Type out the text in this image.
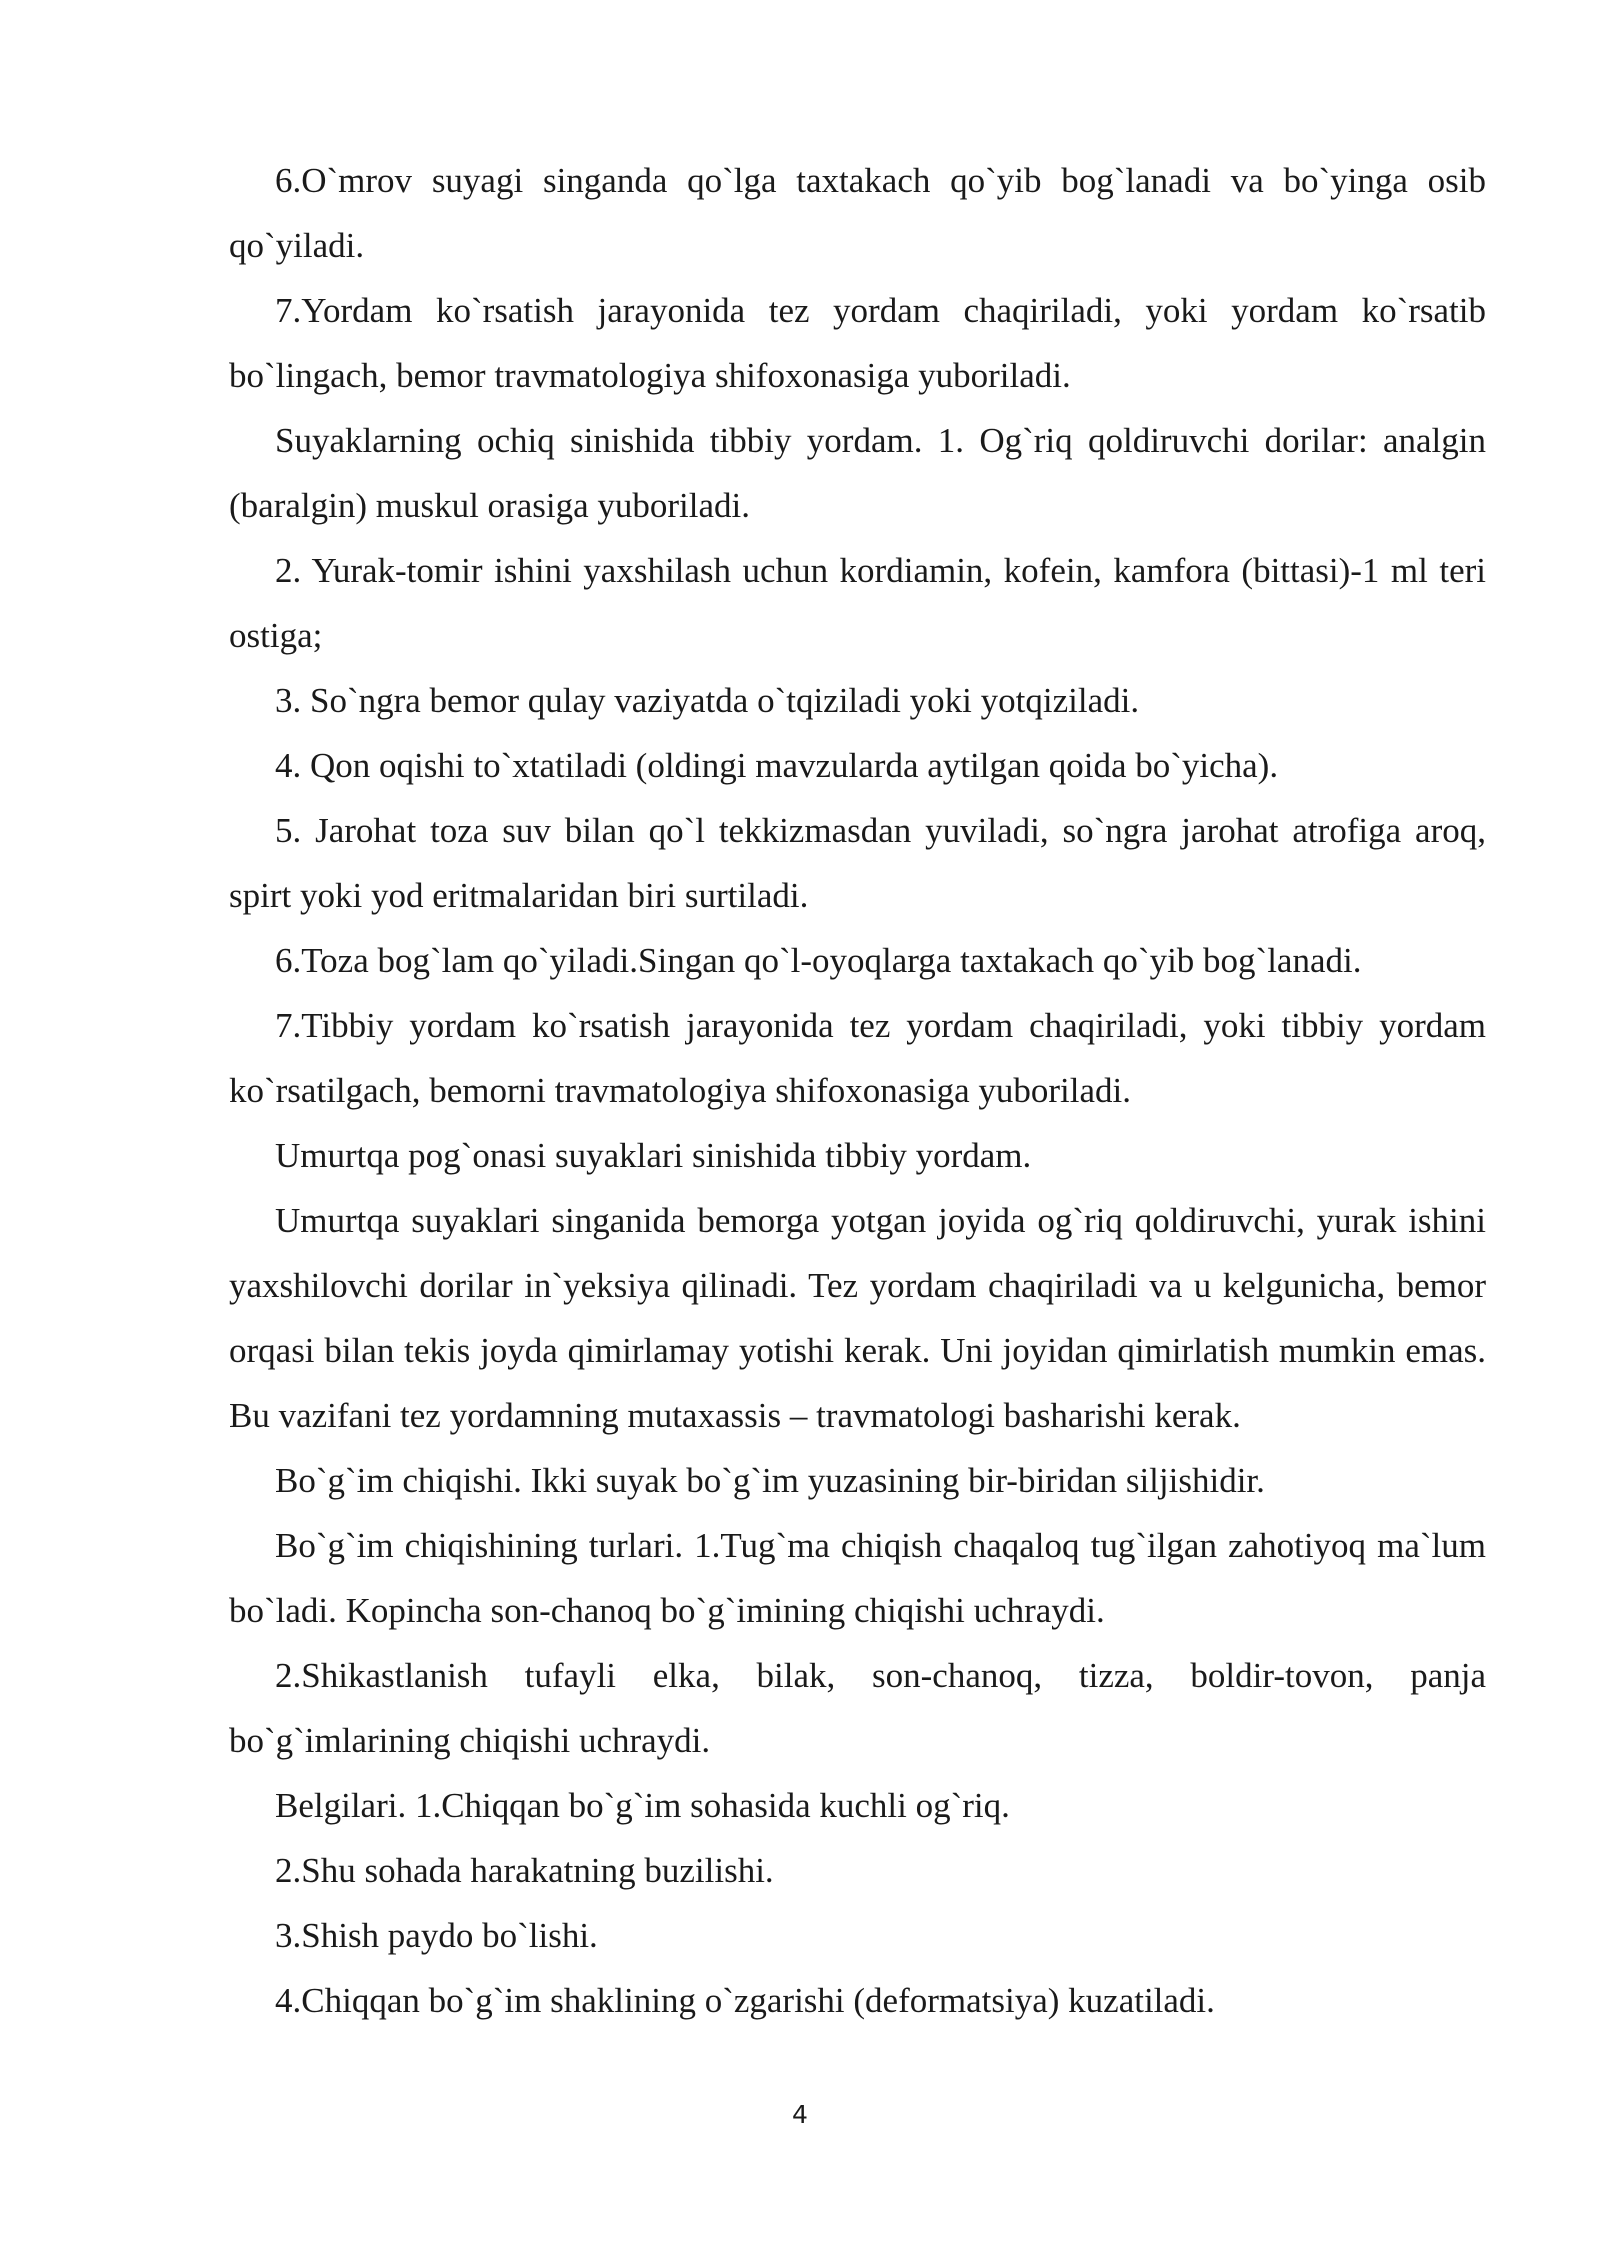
6.O`mrov suyagi singanda qo`lga taxtakach qo`yib bog`lanadi va bo`yinga osib qo`yiladi.

7.Yordam ko`rsatish jarayonida tez yordam chaqiriladi, yoki yordam ko`rsatib bo`lingach, bemor travmatologiya shifoxonasiga yuboriladi.

Suyaklarning ochiq sinishida tibbiy yordam. 1. Og`riq qoldiruvchi dorilar: analgin (baralgin) muskul orasiga yuboriladi.

2. Yurak-tomir ishini yaxshilash uchun kordiamin, kofein, kamfora (bittasi)-1 ml teri ostiga;

3. So`ngra bemor qulay vaziyatda o`tqiziladi yoki yotqiziladi.

4. Qon oqishi to`xtatiladi (oldingi mavzularda aytilgan qoida bo`yicha).

5. Jarohat toza suv bilan qo`l tekkizmasdan yuviladi, so`ngra jarohat atrofiga aroq, spirt yoki yod eritmalaridan biri surtiladi.

6.Toza bog`lam qo`yiladi.Singan qo`l-oyoqlarga taxtakach qo`yib bog`lanadi.

7.Tibbiy yordam ko`rsatish jarayonida tez yordam chaqiriladi, yoki tibbiy yordam ko`rsatilgach, bemorni travmatologiya shifoxonasiga yuboriladi.

Umurtqa pog`onasi suyaklari sinishida tibbiy yordam.

Umurtqa suyaklari singanida bemorga yotgan joyida og`riq qoldiruvchi, yurak ishini yaxshilovchi dorilar in`yeksiya qilinadi. Tez yordam chaqiriladi va u kelgunicha, bemor orqasi bilan tekis joyda qimirlamay yotishi kerak. Uni joyidan qimirlatish mumkin emas. Bu vazifani tez yordamning mutaxassis – travmatologi basharishi kerak.

Bo`g`im chiqishi. Ikki suyak bo`g`im yuzasining bir-biridan siljishidir.

Bo`g`im chiqishining turlari. 1.Tug`ma chiqish chaqaloq tug`ilgan zahotiyoq ma`lum bo`ladi. Kopincha son-chanoq bo`g`imining chiqishi uchraydi.

2.Shikastlanish tufayli elka, bilak, son-chanoq, tizza, boldir-tovon, panja bo`g`imlarining chiqishi uchraydi.

Belgilari. 1.Chiqqan bo`g`im sohasida kuchli og`riq.

2.Shu sohada harakatning buzilishi.

3.Shish paydo bo`lishi.

4.Chiqqan bo`g`im shaklining o`zgarishi (deformatsiya) kuzatiladi.

4
